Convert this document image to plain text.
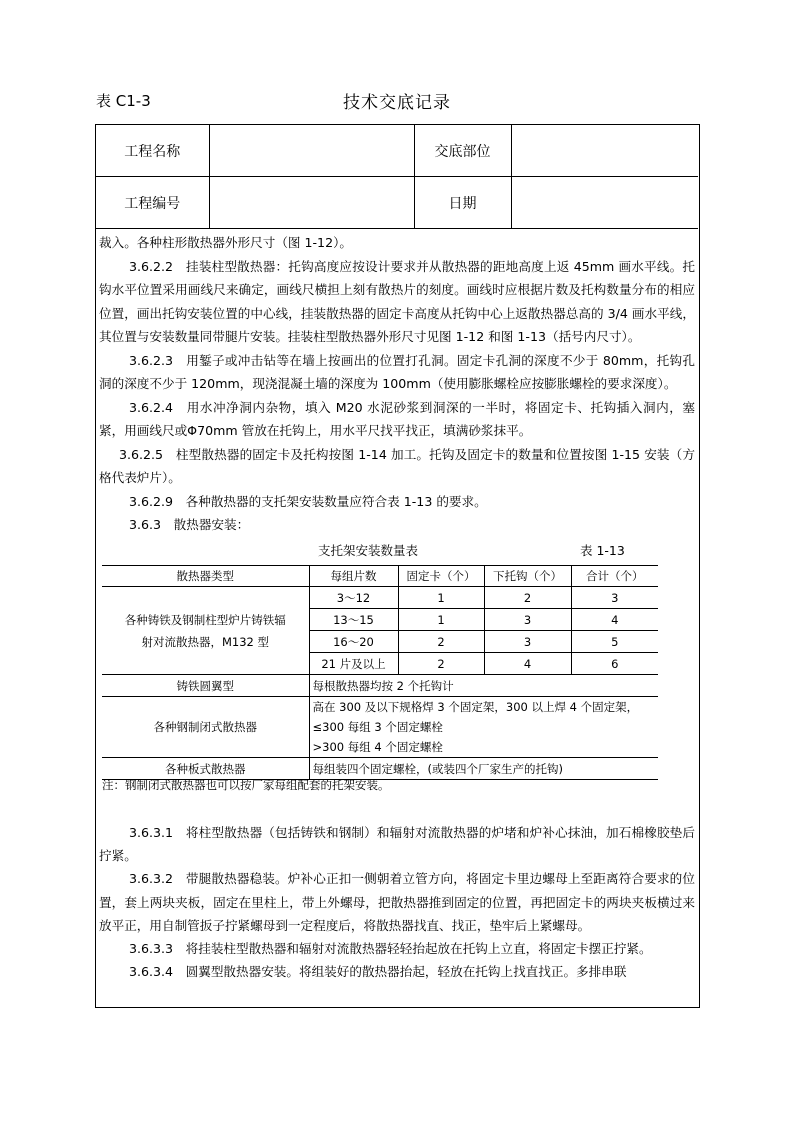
表 C1-3	技术交底记录
工程名称		交底部位	
工程编号		日期	

裁入。各种柱形散热器外形尺寸（图 1-12）。

3.6.2.2　挂装柱型散热器：托钩高度应按设计要求并从散热器的距地高度上返 45mm 画水平线。托钩水平位置采用画线尺来确定，画线尺横担上刻有散热片的刻度。画线时应根据片数及托构数量分布的相应位置，画出托钩安装位置的中心线，挂装散热器的固定卡高度从托钩中心上返散热器总高的 3/4 画水平线，其位置与安装数量同带腿片安装。挂装柱型散热器外形尺寸见图 1-12 和图 1-13（括号内尺寸）。

3.6.2.3　用錾子或冲击钻等在墙上按画出的位置打孔洞。固定卡孔洞的深度不少于 80mm，托钩孔洞的深度不少于 120mm，现浇混凝土墙的深度为 100mm（使用膨胀螺栓应按膨胀螺栓的要求深度）。

3.6.2.4　用水冲净洞内杂物，填入 M20 水泥砂浆到洞深的一半时，将固定卡、托钩插入洞内，塞紧，用画线尺或Φ70mm 管放在托钩上，用水平尺找平找正，填满砂浆抹平。

3.6.2.5　柱型散热器的固定卡及托构按图 1-14 加工。托钩及固定卡的数量和位置按图 1-15 安装（方格代表炉片）。

3.6.2.9　各种散热器的支托架安装数量应符合表 1-13 的要求。

3.6.3　散热器安装：

支托架安装数量表	表 1-13
散热器类型	每组片数	固定卡（个）	下托钩（个）	合计（个）
各种铸铁及钢制柱型炉片铸铁辐射对流散热器，M132 型	3～12	1	2	3
	13～15	1	3	4
	16～20	2	3	5
	21 片及以上	2	4	6
铸铁圆翼型	每根散热器均按 2 个托钩计			
各种钢制闭式散热器	高在 300 及以下规格焊 3 个固定架，300 以上焊 4 个固定架，
≤300 每组 3 个固定螺栓
>300 每组 4 个固定螺栓			

各种板式散热器	每组装四个固定螺栓，(或装四个厂家生产的托钩)			
注：钢制闭式散热器也可以按厂家每组配套的托架安装。

3.6.3.1　将柱型散热器（包括铸铁和钢制）和辐射对流散热器的炉堵和炉补心抹油，加石棉橡胶垫后拧紧。

3.6.3.2　带腿散热器稳装。炉补心正扣一侧朝着立管方向，将固定卡里边螺母上至距离符合要求的位置，套上两块夹板，固定在里柱上，带上外螺母，把散热器推到固定的位置，再把固定卡的两块夹板横过来放平正，用自制管扳子拧紧螺母到一定程度后，将散热器找直、找正，垫牢后上紧螺母。

3.6.3.3　将挂装柱型散热器和辐射对流散热器轻轻抬起放在托钩上立直，将固定卡摆正拧紧。

3.6.3.4　圆翼型散热器安装。将组装好的散热器抬起，轻放在托钩上找直找正。多排串联
